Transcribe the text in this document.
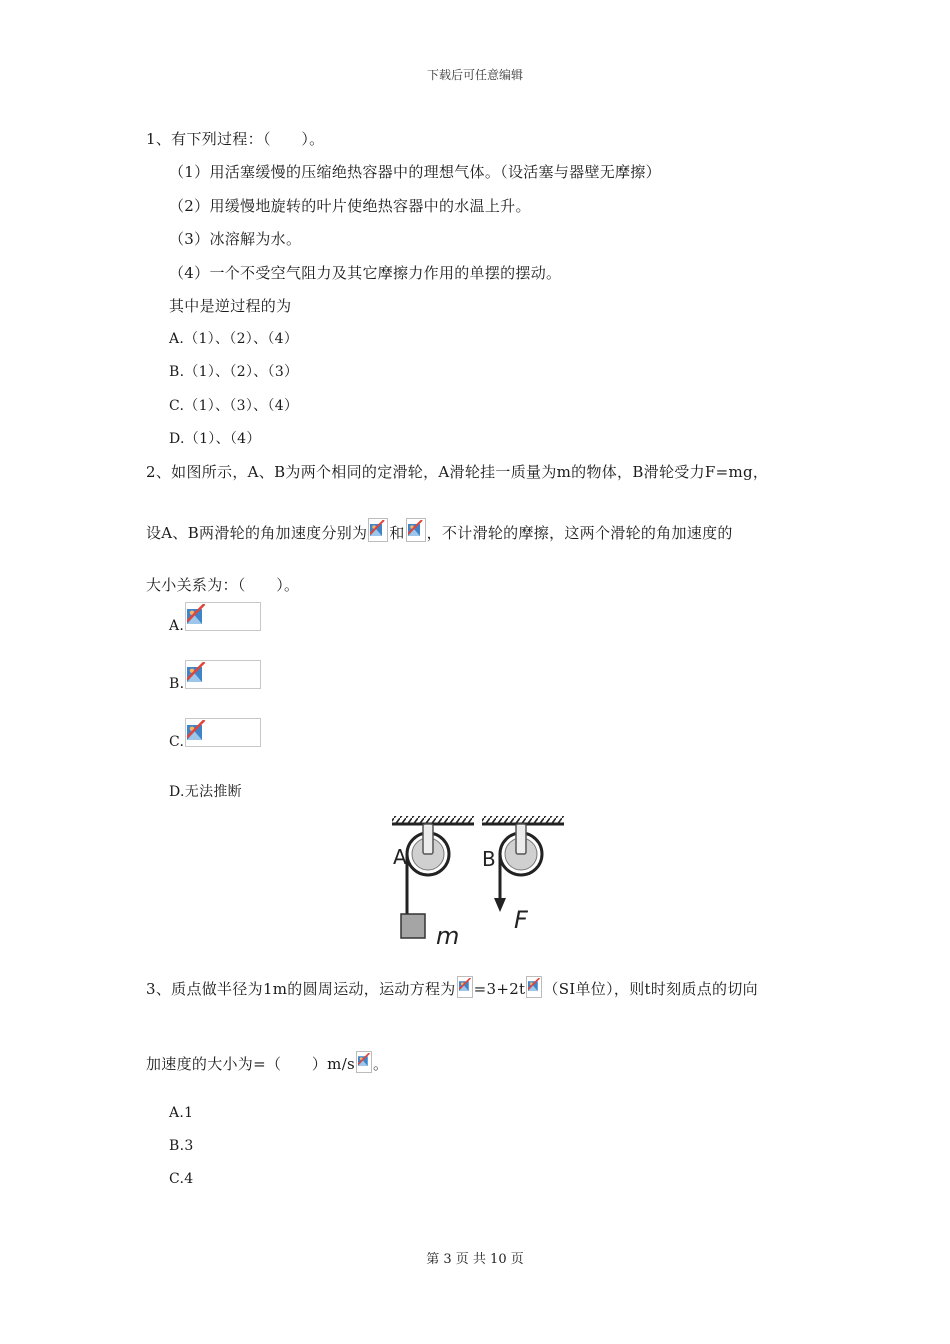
下载后可任意编辑
1、有下列过程：（　　）。
（1）用活塞缓慢的压缩绝热容器中的理想气体。（设活塞与器壁无摩擦）
（2）用缓慢地旋转的叶片使绝热容器中的水温上升。
（3）冰溶解为水。
（4）一个不受空气阻力及其它摩擦力作用的单摆的摆动。
其中是逆过程的为
A.（1）、（2）、（4）
B.（1）、（2）、（3）
C.（1）、（3）、（4）
D.（1）、（4）
2、如图所示，A、B为两个相同的定滑轮，A滑轮挂一质量为m的物体，B滑轮受力F=mg，
设A、B两滑轮的角加速度分别为 和 ，不计滑轮的摩擦，这两个滑轮的角加速度的
大小关系为：（　　）。
A.
B.
C.
D.无法推断
A	B
m
F
3、质点做半径为1m的圆周运动，运动方程为 =3+2t （SI单位），则t时刻质点的切向
加速度的大小为=（　　）m/s 。
A.1
B.3
C.4
第 3 页 共 10 页
